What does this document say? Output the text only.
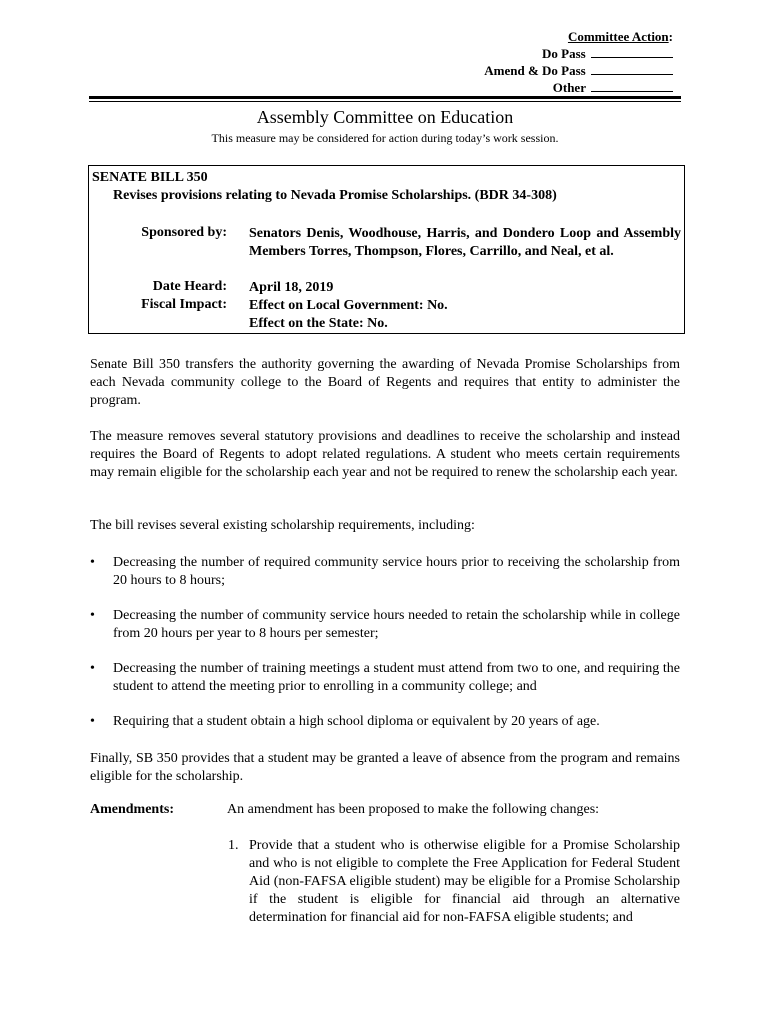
Committee Action:
Do Pass
Amend & Do Pass
Other
Assembly Committee on Education
This measure may be considered for action during today’s work session.
SENATE BILL 350
Revises provisions relating to Nevada Promise Scholarships. (BDR 34-308)
Sponsored by: Senators Denis, Woodhouse, Harris, and Dondero Loop and Assembly Members Torres, Thompson, Flores, Carrillo, and Neal, et al.
Date Heard: April 18, 2019
Fiscal Impact: Effect on Local Government: No.
Effect on the State: No.
Senate Bill 350 transfers the authority governing the awarding of Nevada Promise Scholarships from each Nevada community college to the Board of Regents and requires that entity to administer the program.
The measure removes several statutory provisions and deadlines to receive the scholarship and instead requires the Board of Regents to adopt related regulations. A student who meets certain requirements may remain eligible for the scholarship each year and not be required to renew the scholarship each year.
The bill revises several existing scholarship requirements, including:
• Decreasing the number of required community service hours prior to receiving the scholarship from 20 hours to 8 hours;
• Decreasing the number of community service hours needed to retain the scholarship while in college from 20 hours per year to 8 hours per semester;
• Decreasing the number of training meetings a student must attend from two to one, and requiring the student to attend the meeting prior to enrolling in a community college; and
• Requiring that a student obtain a high school diploma or equivalent by 20 years of age.
Finally, SB 350 provides that a student may be granted a leave of absence from the program and remains eligible for the scholarship.
Amendments:	An amendment has been proposed to make the following changes:
1. Provide that a student who is otherwise eligible for a Promise Scholarship and who is not eligible to complete the Free Application for Federal Student Aid (non-FAFSA eligible student) may be eligible for a Promise Scholarship if the student is eligible for financial aid through an alternative determination for financial aid for non-FAFSA eligible students; and
